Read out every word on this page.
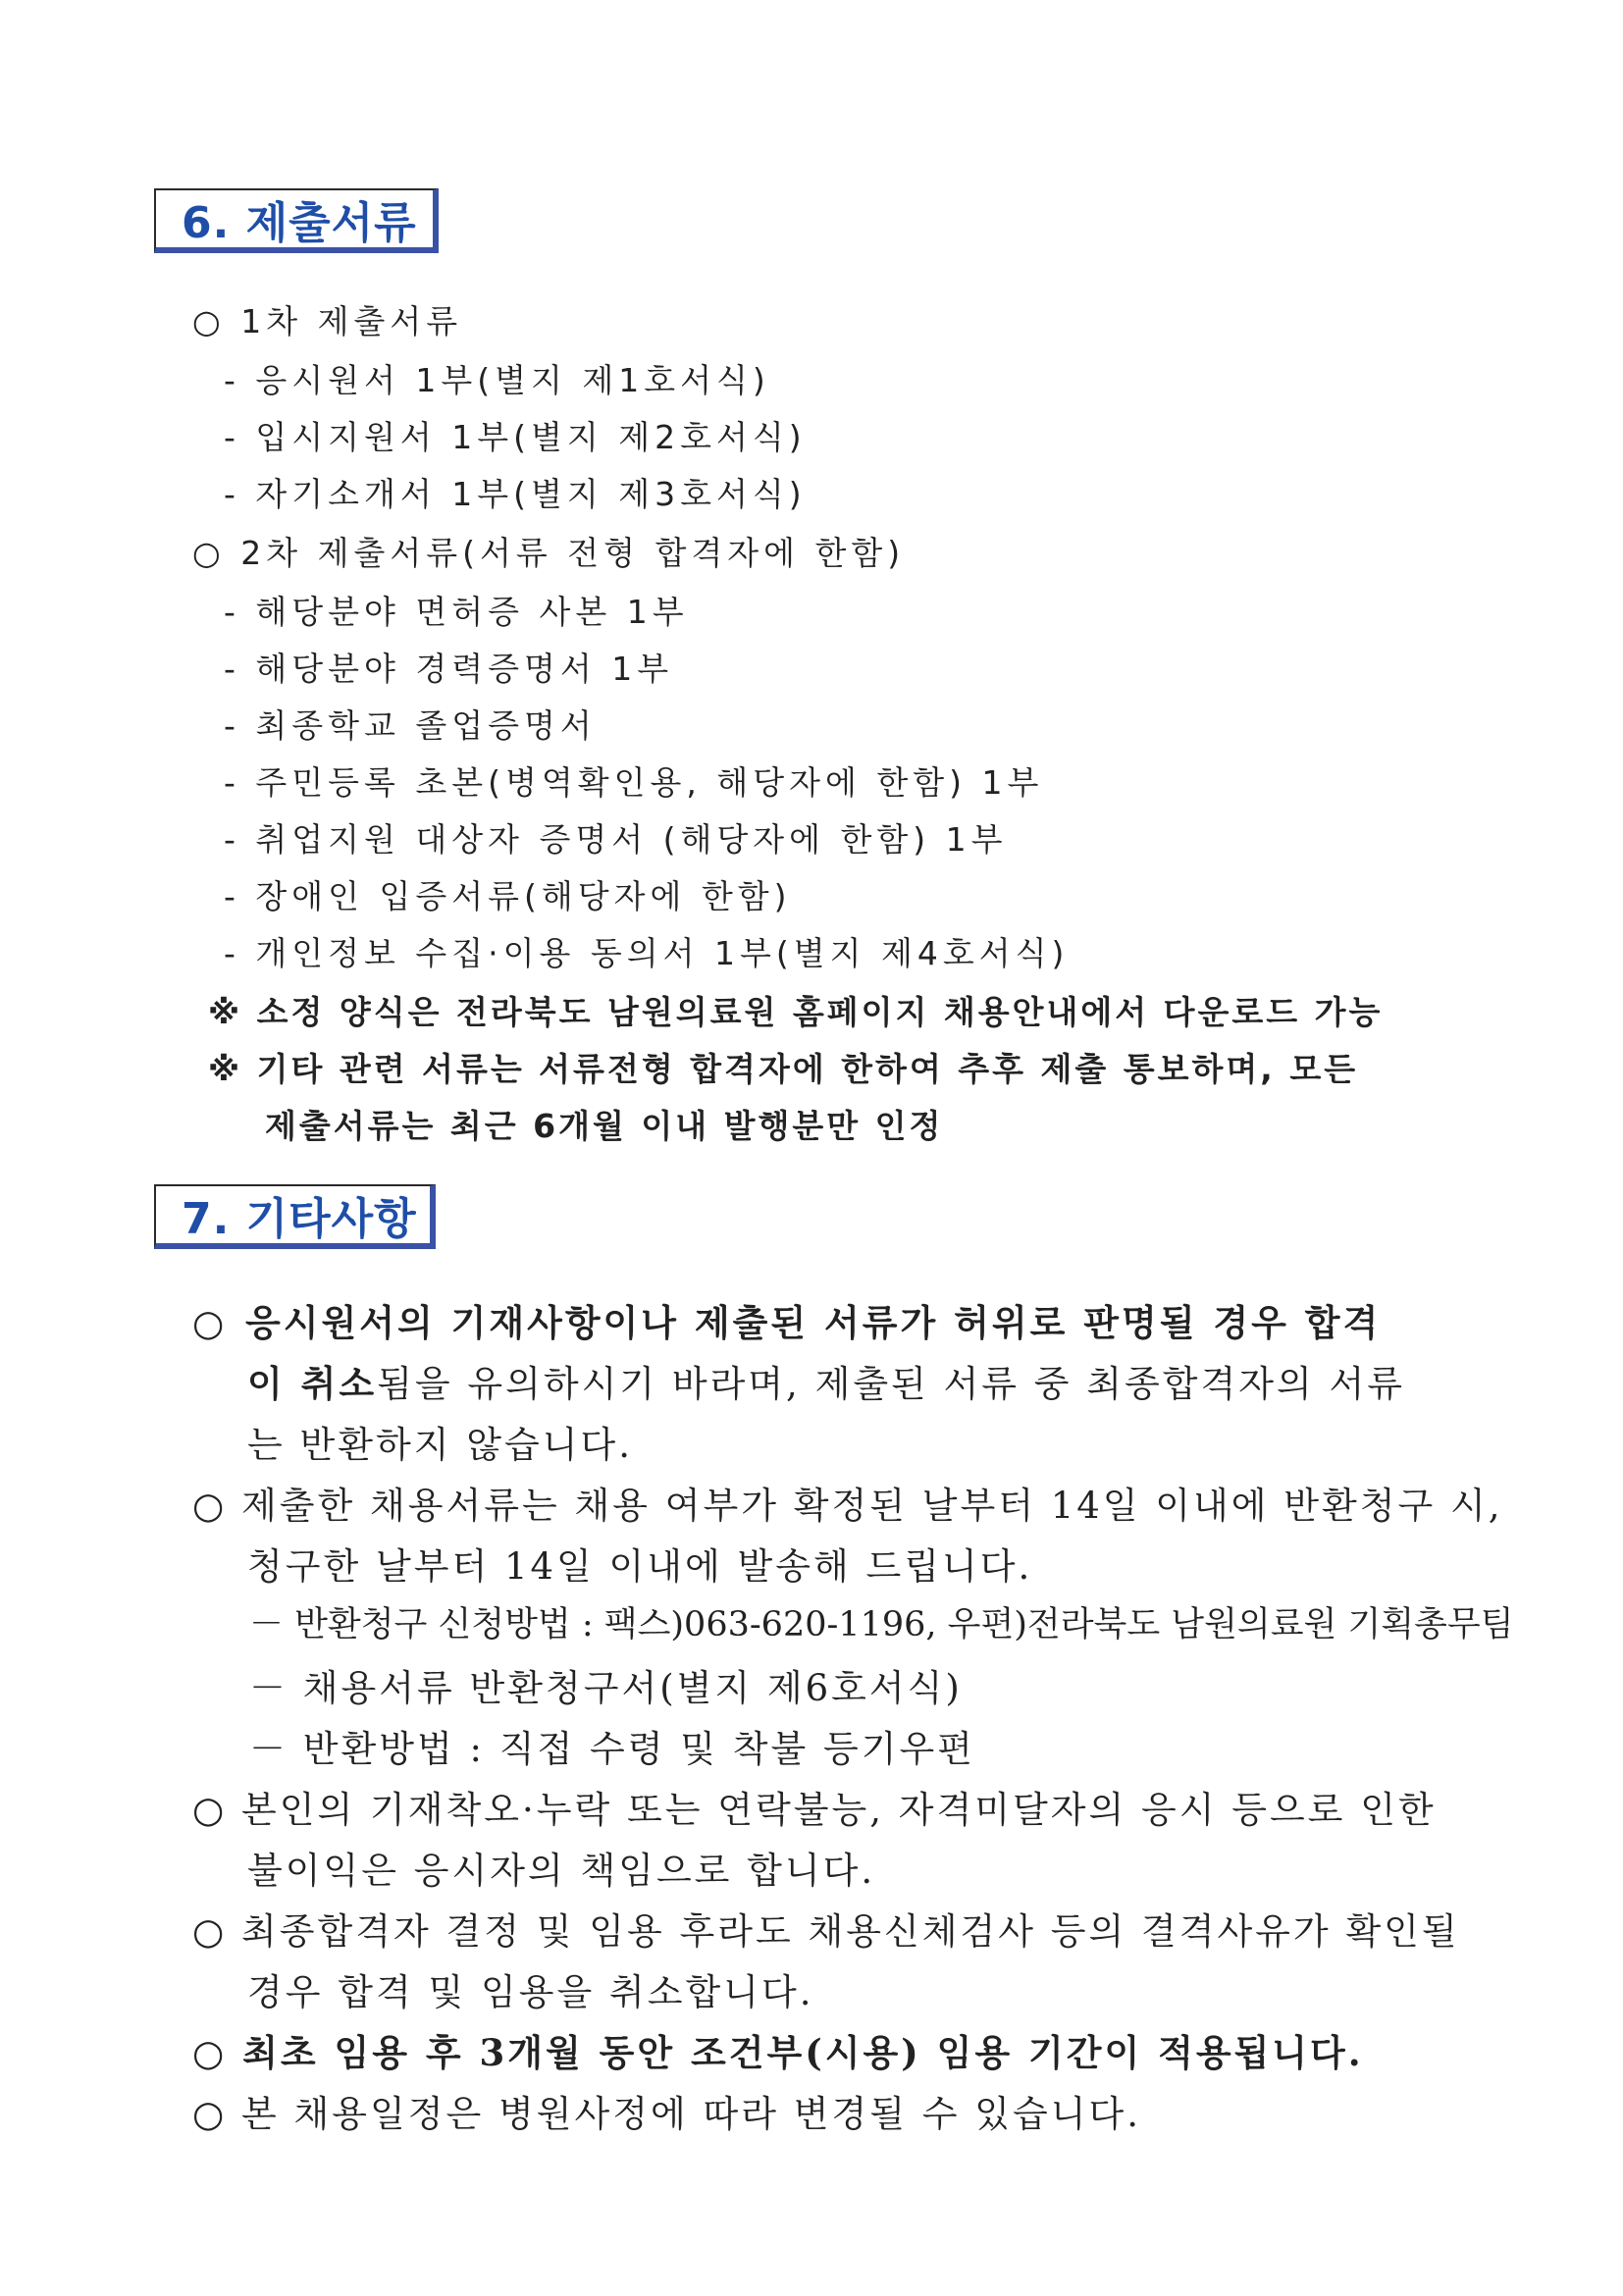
6. 제출서류
○ 1차 제출서류
- 응시원서 1부(별지 제1호서식)
- 입시지원서 1부(별지 제2호서식)
- 자기소개서 1부(별지 제3호서식)
○ 2차 제출서류(서류 전형 합격자에 한함)
- 해당분야 면허증 사본 1부
- 해당분야 경력증명서 1부
- 최종학교 졸업증명서
- 주민등록 초본(병역확인용, 해당자에 한함) 1부
- 취업지원 대상자 증명서 (해당자에 한함) 1부
- 장애인 입증서류(해당자에 한함)
- 개인정보 수집·이용 동의서 1부(별지 제4호서식)
※ 소정 양식은 전라북도 남원의료원 홈페이지 채용안내에서 다운로드 가능
※ 기타 관련 서류는 서류전형 합격자에 한하여 추후 제출 통보하며, 모든
제출서류는 최근 6개월 이내 발행분만 인정
7. 기타사항
○ 응시원서의 기재사항이나 제출된 서류가 허위로 판명될 경우 합격
이 취소됨을 유의하시기 바라며, 제출된 서류 중 최종합격자의 서류
는 반환하지 않습니다.
○ 제출한 채용서류는 채용 여부가 확정된 날부터 14일 이내에 반환청구 시,
청구한 날부터 14일 이내에 발송해 드립니다.
－ 반환청구 신청방법 : 팩스)063-620-1196, 우편)전라북도 남원의료원 기획총무팀
－ 채용서류 반환청구서(별지 제6호서식)
－ 반환방법 : 직접 수령 및 착불 등기우편
○ 본인의 기재착오·누락 또는 연락불능, 자격미달자의 응시 등으로 인한
불이익은 응시자의 책임으로 합니다.
○ 최종합격자 결정 및 임용 후라도 채용신체검사 등의 결격사유가 확인될
경우 합격 및 임용을 취소합니다.
○ 최초 임용 후 3개월 동안 조건부(시용) 임용 기간이 적용됩니다.
○ 본 채용일정은 병원사정에 따라 변경될 수 있습니다.
